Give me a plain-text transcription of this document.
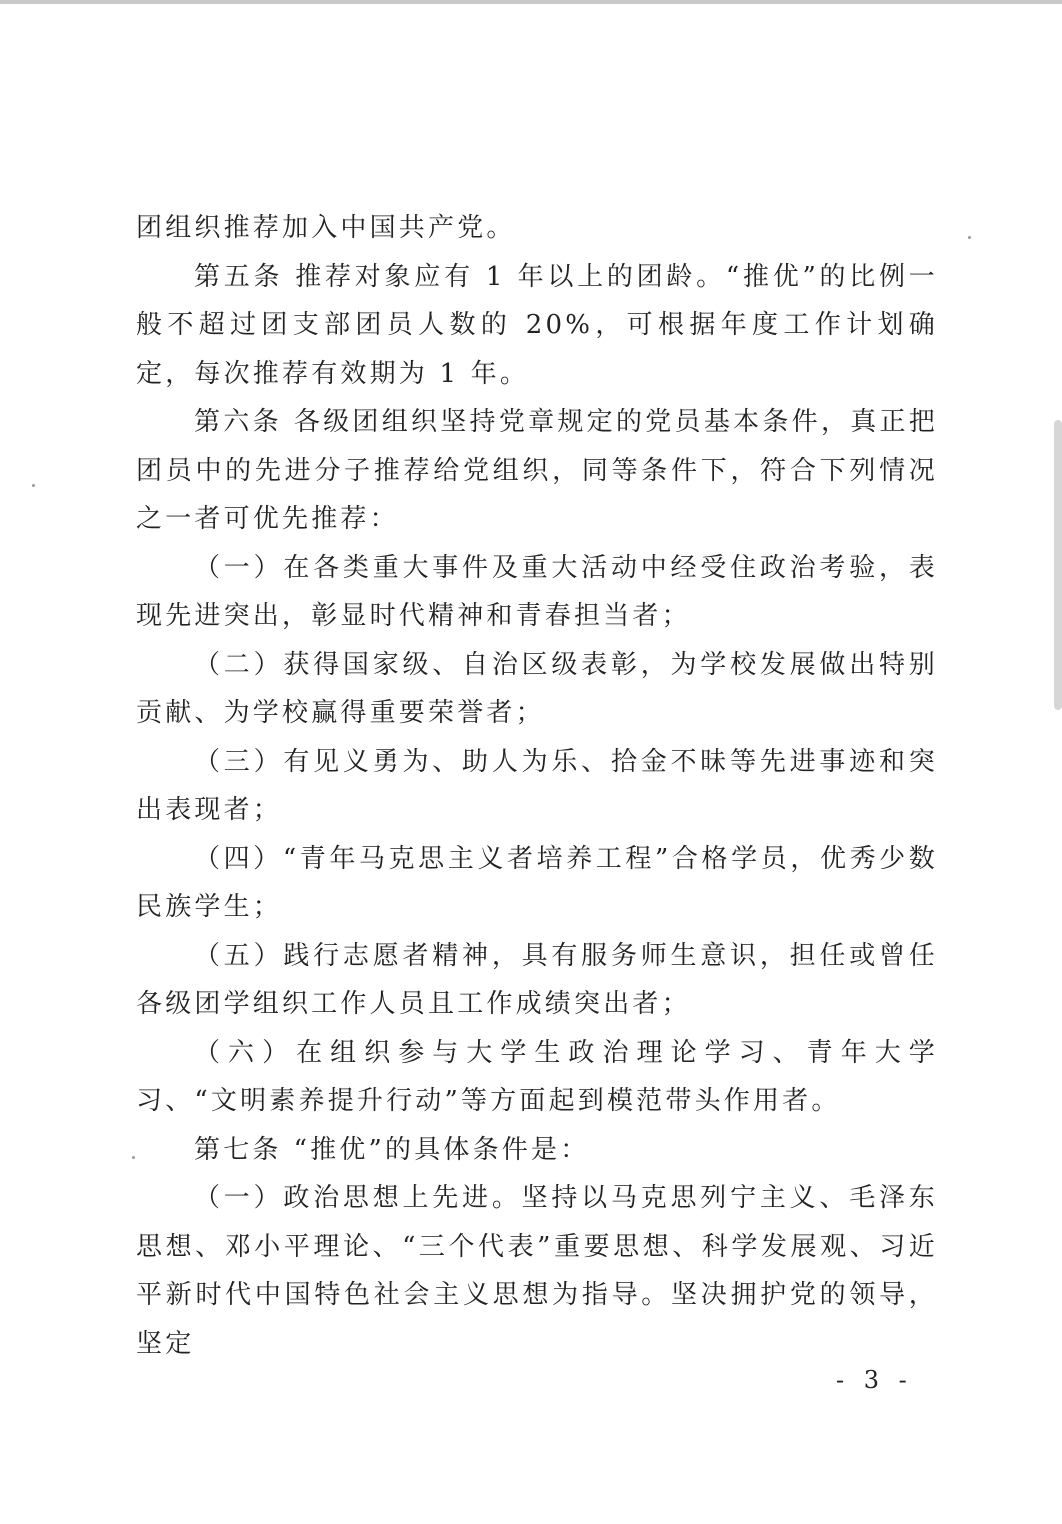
团组织推荐加入中国共产党。

第五条 推荐对象应有 1 年以上的团龄。“推优”的比例一般不超过团支部团员人数的 20%，可根据年度工作计划确定，每次推荐有效期为 1 年。

第六条 各级团组织坚持党章规定的党员基本条件，真正把团员中的先进分子推荐给党组织，同等条件下，符合下列情况之一者可优先推荐：

（一）在各类重大事件及重大活动中经受住政治考验，表现先进突出，彰显时代精神和青春担当者；

（二）获得国家级、自治区级表彰，为学校发展做出特别贡献、为学校赢得重要荣誉者；

（三）有见义勇为、助人为乐、拾金不昧等先进事迹和突出表现者；

（四）“青年马克思主义者培养工程”合格学员，优秀少数民族学生；

（五）践行志愿者精神，具有服务师生意识，担任或曾任各级团学组织工作人员且工作成绩突出者；

（六）在组织参与大学生政治理论学习、青年大学习、“文明素养提升行动”等方面起到模范带头作用者。

第七条 “推优”的具体条件是：

（一）政治思想上先进。坚持以马克思列宁主义、毛泽东思想、邓小平理论、“三个代表”重要思想、科学发展观、习近平新时代中国特色社会主义思想为指导。坚决拥护党的领导，坚定

- 3 -
